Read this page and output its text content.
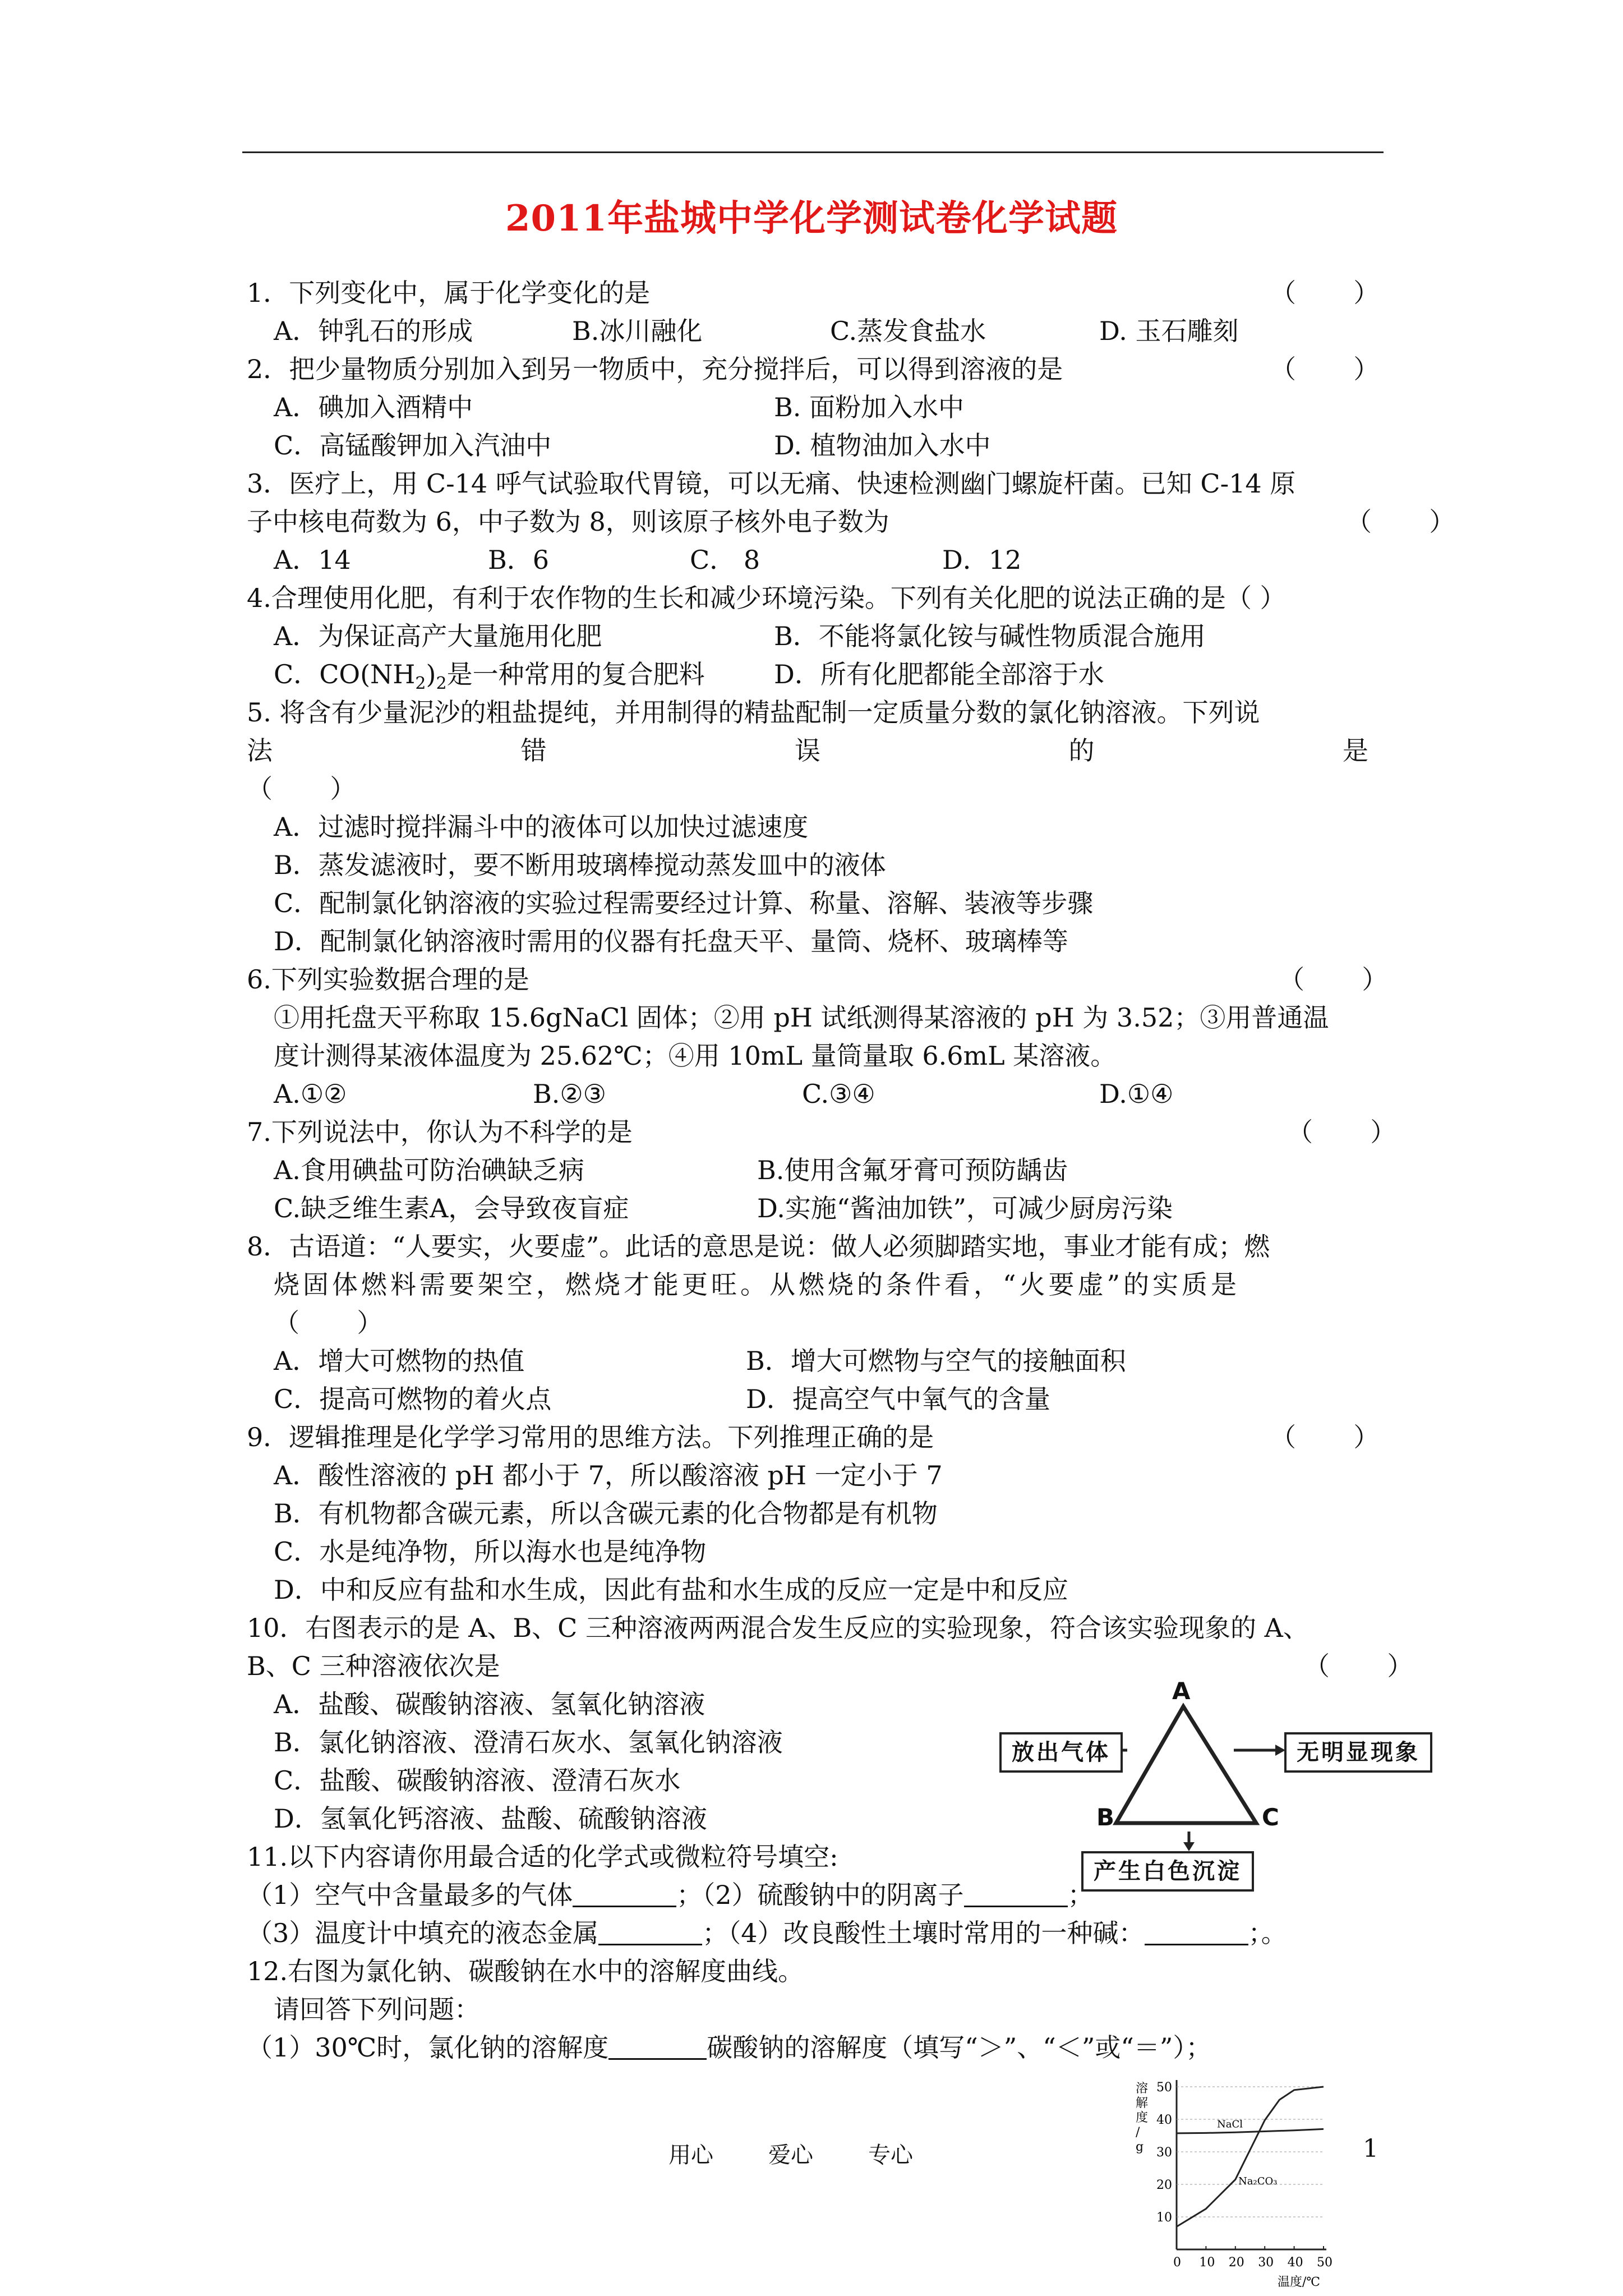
2011年盐城中学化学测试卷化学试题
1．下列变化中，属于化学变化的是	（       ）
A．钟乳石的形成	B.冰川融化	C.蒸发食盐水	D. 玉石雕刻
2．把少量物质分别加入到另一物质中，充分搅拌后，可以得到溶液的是	（       ）
A．碘加入酒精中	B. 面粉加入水中
C．高锰酸钾加入汽油中	D. 植物油加入水中
3．医疗上，用 C-14 呼气试验取代胃镜，可以无痛、快速检测幽门螺旋杆菌。已知 C-14 原
子中核电荷数为 6，中子数为 8，则该原子核外电子数为	（       ）
A．14	B．6	C． 8	D．12
4.合理使用化肥，有利于农作物的生长和减少环境污染。下列有关化肥的说法正确的是（ ）
A．为保证高产大量施用化肥	B．不能将氯化铵与碱性物质混合施用
C．$CO(NH_2)_2$是一种常用的复合肥料	D．所有化肥都能全部溶于水
5. 将含有少量泥沙的粗盐提纯，并用制得的精盐配制一定质量分数的氯化钠溶液。下列说
法	错	误	的	是
（       ）
A．过滤时搅拌漏斗中的液体可以加快过滤速度
B．蒸发滤液时，要不断用玻璃棒搅动蒸发皿中的液体
C．配制氯化钠溶液的实验过程需要经过计算、称量、溶解、装液等步骤
D．配制氯化钠溶液时需用的仪器有托盘天平、量筒、烧杯、玻璃棒等
6.下列实验数据合理的是	（       ）
①用托盘天平称取 15.6gNaCl 固体；②用 pH 试纸测得某溶液的 pH 为 3.52；③用普通温
度计测得某液体温度为 25.62℃；④用 10mL 量筒量取 6.6mL 某溶液。
A.①②	B.②③	C.③④	D.①④
7.下列说法中，你认为不科学的是	（       ）
A.食用碘盐可防治碘缺乏病	B.使用含氟牙膏可预防龋齿
C.缺乏维生素A，会导致夜盲症	D.实施“酱油加铁”，可减少厨房污染
8．古语道：“人要实，火要虚”。此话的意思是说：做人必须脚踏实地，事业才能有成；燃
烧固体燃料需要架空，燃烧才能更旺。从燃烧的条件看，“火要虚”的实质是
（       ）
A．增大可燃物的热值	B．增大可燃物与空气的接触面积
C．提高可燃物的着火点	D．提高空气中氧气的含量
9．逻辑推理是化学学习常用的思维方法。下列推理正确的是	（       ）
A．酸性溶液的 pH 都小于 7，所以酸溶液 pH 一定小于 7
B．有机物都含碳元素，所以含碳元素的化合物都是有机物
C．水是纯净物，所以海水也是纯净物
D．中和反应有盐和水生成，因此有盐和水生成的反应一定是中和反应
10．右图表示的是 A、B、C 三种溶液两两混合发生反应的实验现象，符合该实验现象的 A、
B、C 三种溶液依次是	（       ）
A．盐酸、碳酸钠溶液、氢氧化钠溶液
B．氯化钠溶液、澄清石灰水、氢氧化钠溶液
C．盐酸、碳酸钠溶液、澄清石灰水
D．氢氧化钙溶液、盐酸、硫酸钠溶液
A
B	C
放出气体	无明显现象
产生白色沉淀
11.以下内容请你用最合适的化学式或微粒符号填空:
（1）空气中含量最多的气体	；（2）硫酸钠中的阴离子	；
（3）温度计中填充的液态金属	；（4）改良酸性土壤时常用的一种碱：	；。
12.右图为氯化钠、碳酸钠在水中的溶解度曲线。
请回答下列问题：
（1）30℃时，氯化钠的溶解度	碳酸钠的溶解度（填写“＞”、“＜”或“＝”）；
0 10 20 30 40 50
10
20
30
40
50
NaCl
Na₂CO₃
溶
解
度
/
g
温度/℃
用心 爱心 专心	1
